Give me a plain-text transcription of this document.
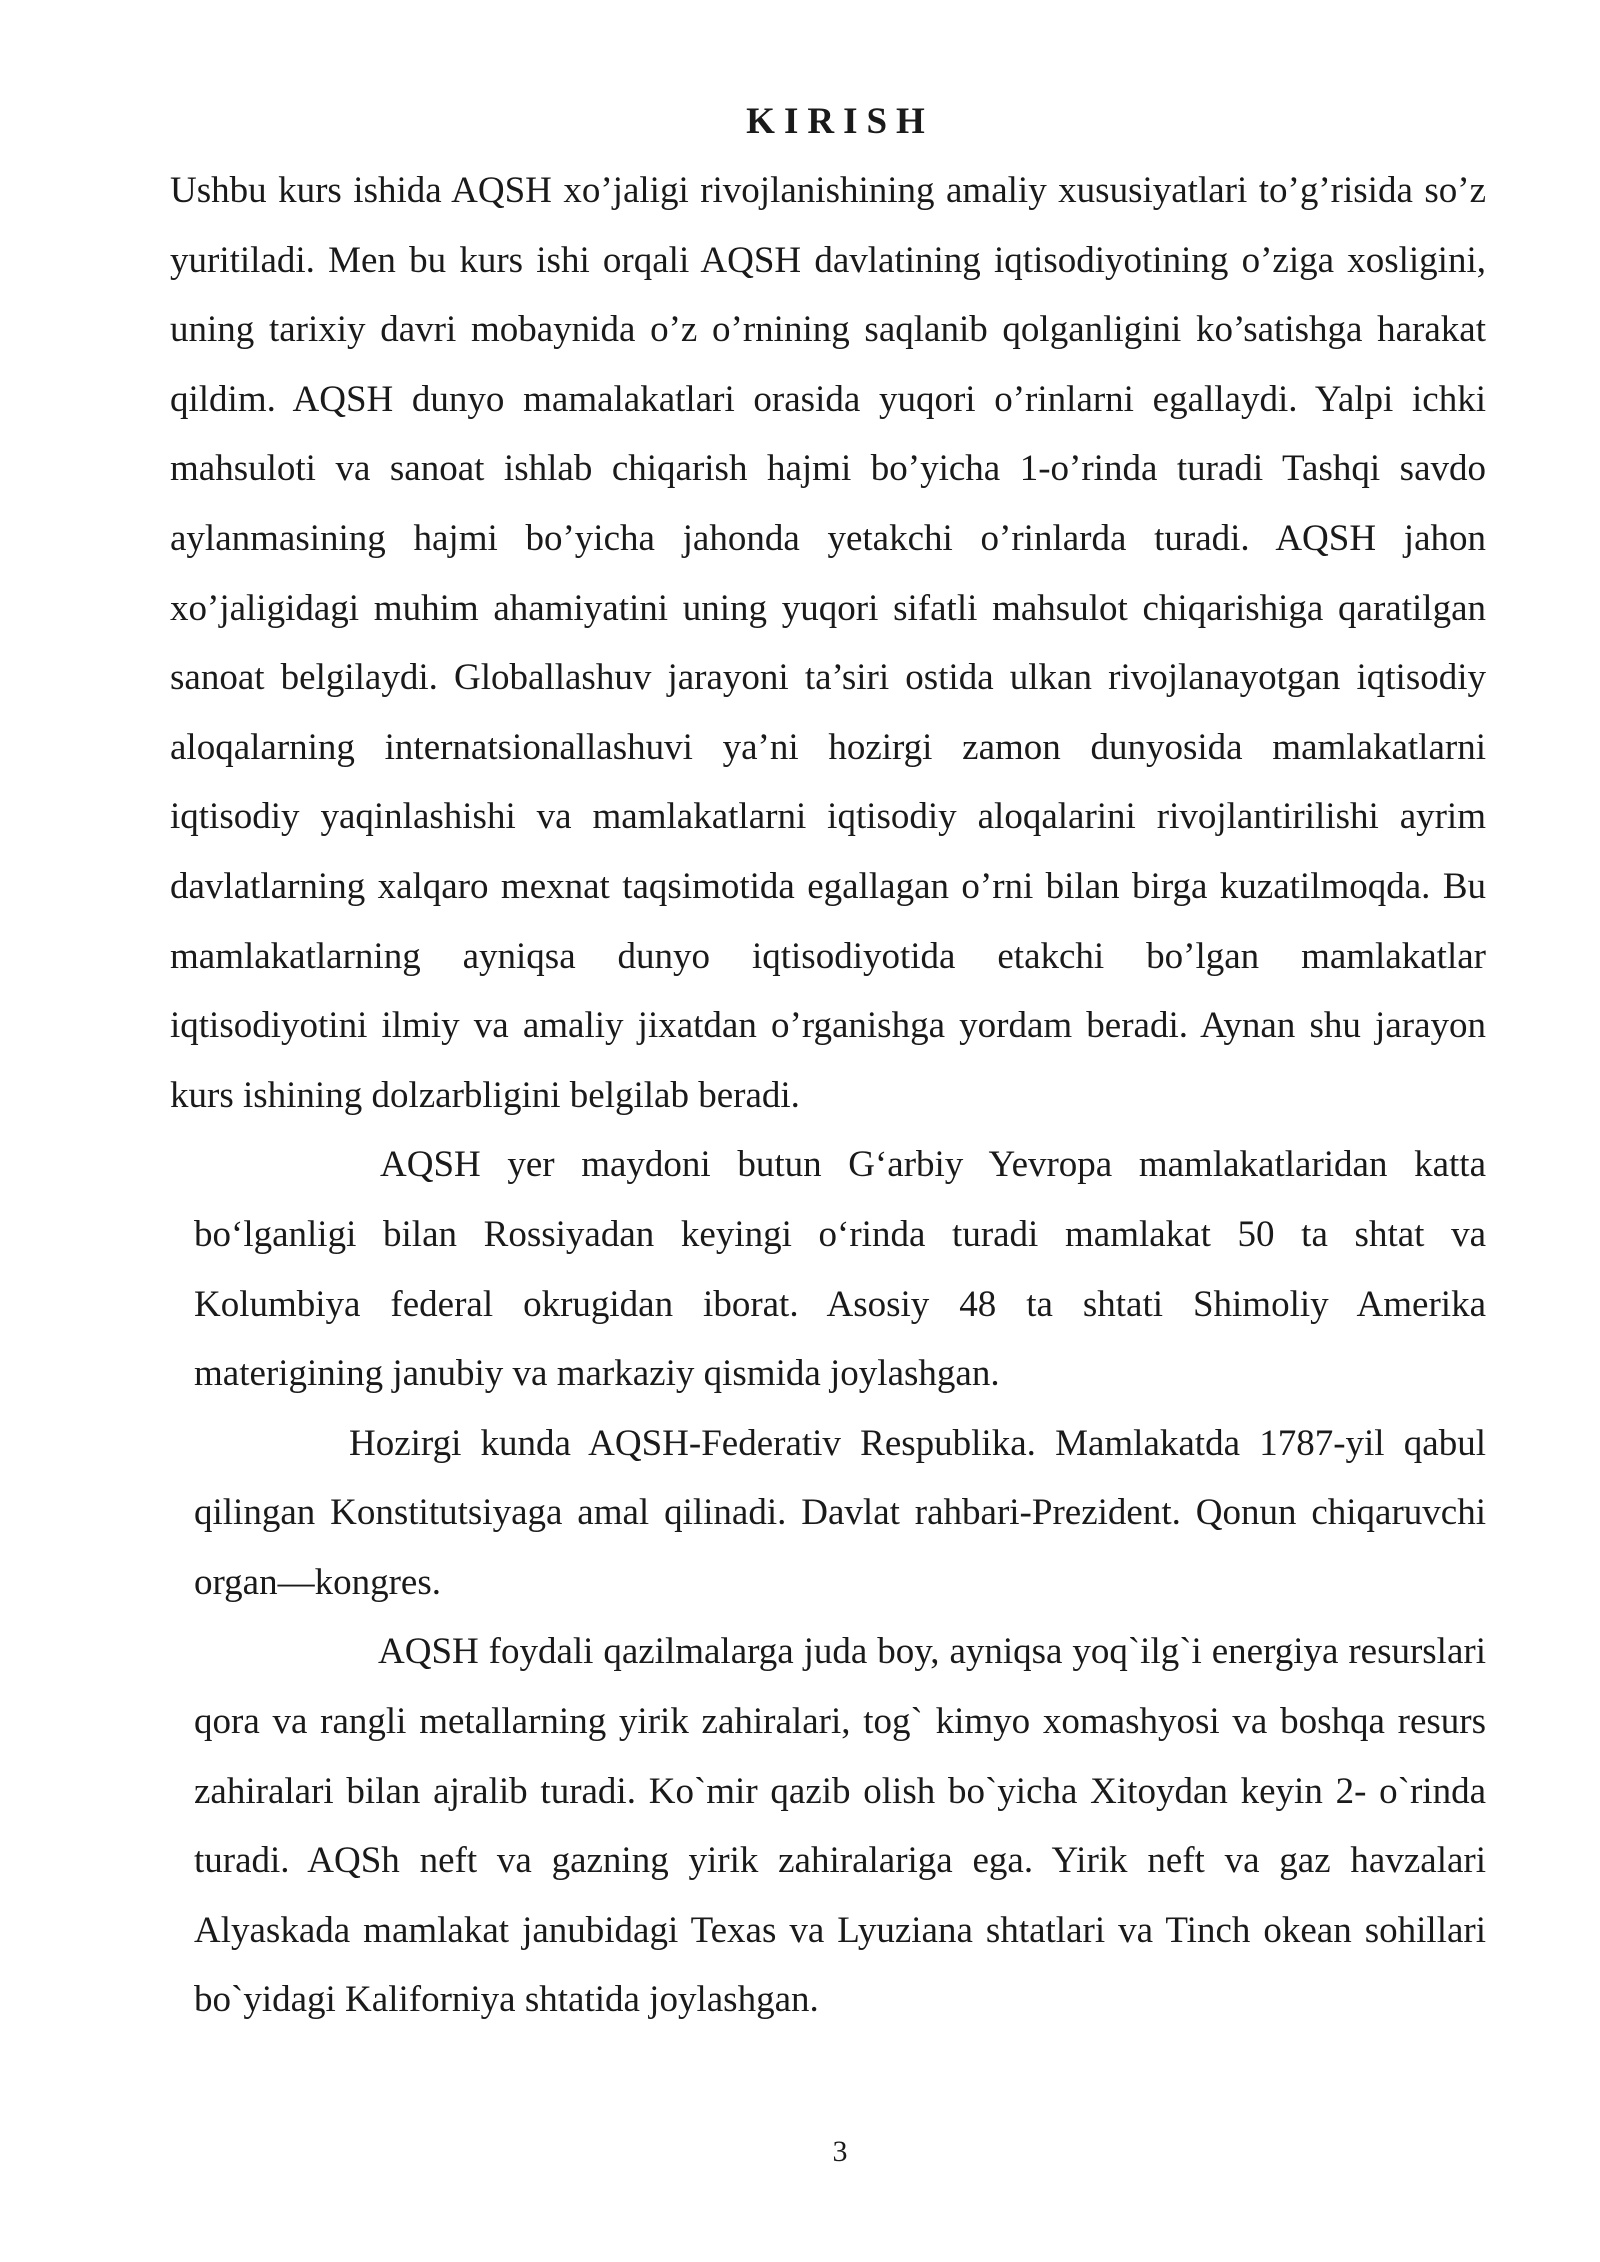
KIRISH

Ushbu kurs ishida AQSH xo’jaligi rivojlanishining amaliy xususiyatlari to’g’risida so’z yuritiladi. Men bu kurs ishi orqali AQSH davlatining iqtisodiyotining o’ziga xosligini, uning tarixiy davri mobaynida o’z o’rnining saqlanib qolganligini ko’satishga harakat qildim. AQSH dunyo mamalakatlari orasida yuqori o’rinlarni egallaydi. Yalpi ichki mahsuloti va sanoat ishlab chiqarish hajmi bo’yicha 1-o’rinda turadi Tashqi savdo aylanmasining hajmi bo’yicha jahonda yetakchi o’rinlarda turadi. AQSH jahon xo’jaligidagi muhim ahamiyatini uning yuqori sifatli mahsulot chiqarishiga qaratilgan sanoat belgilaydi. Globallashuv jarayoni ta’siri ostida ulkan rivojlanayotgan iqtisodiy aloqalarning internatsionallashuvi ya’ni hozirgi zamon dunyosida mamlakatlarni iqtisodiy yaqinlashishi va mamlakatlarni iqtisodiy aloqalarini rivojlantirilishi ayrim davlatlarning xalqaro mexnat taqsimotida egallagan o’rni bilan birga kuzatilmoqda. Bu mamlakatlarning ayniqsa dunyo iqtisodiyotida etakchi bo’lgan mamlakatlar iqtisodiyotini ilmiy va amaliy jixatdan o’rganishga yordam beradi. Aynan shu jarayon kurs ishining dolzarbligini belgilab beradi.

AQSH yer maydoni butun G‘arbiy Yevropa mamlakatlaridan katta bo‘lganligi bilan Rossiyadan keyingi o‘rinda turadi mamlakat 50 ta shtat va Kolumbiya federal okrugidan iborat. Asosiy 48 ta shtati Shimoliy Amerika materigining janubiy va markaziy qismida joylashgan.

Hozirgi kunda AQSH-Federativ Respublika. Mamlakatda 1787-yil qabul qilingan Konstitutsiyaga amal qilinadi. Davlat rahbari-Prezident. Qonun chiqaruvchi organ—kongres.

AQSH foydali qazilmalarga juda boy, ayniqsa yoq`ilg`i energiya resurslari qora va rangli metallarning yirik zahiralari, tog` kimyo xomashyosi va boshqa resurs zahiralari bilan ajralib turadi. Ko`mir qazib olish bo`yicha Xitoydan keyin 2- o`rinda turadi. AQSh neft va gazning yirik zahiralariga ega. Yirik neft va gaz havzalari Alyaskada mamlakat janubidagi Texas va Lyuziana shtatlari va Tinch okean sohillari bo`yidagi Kaliforniya shtatida joylashgan.

3
